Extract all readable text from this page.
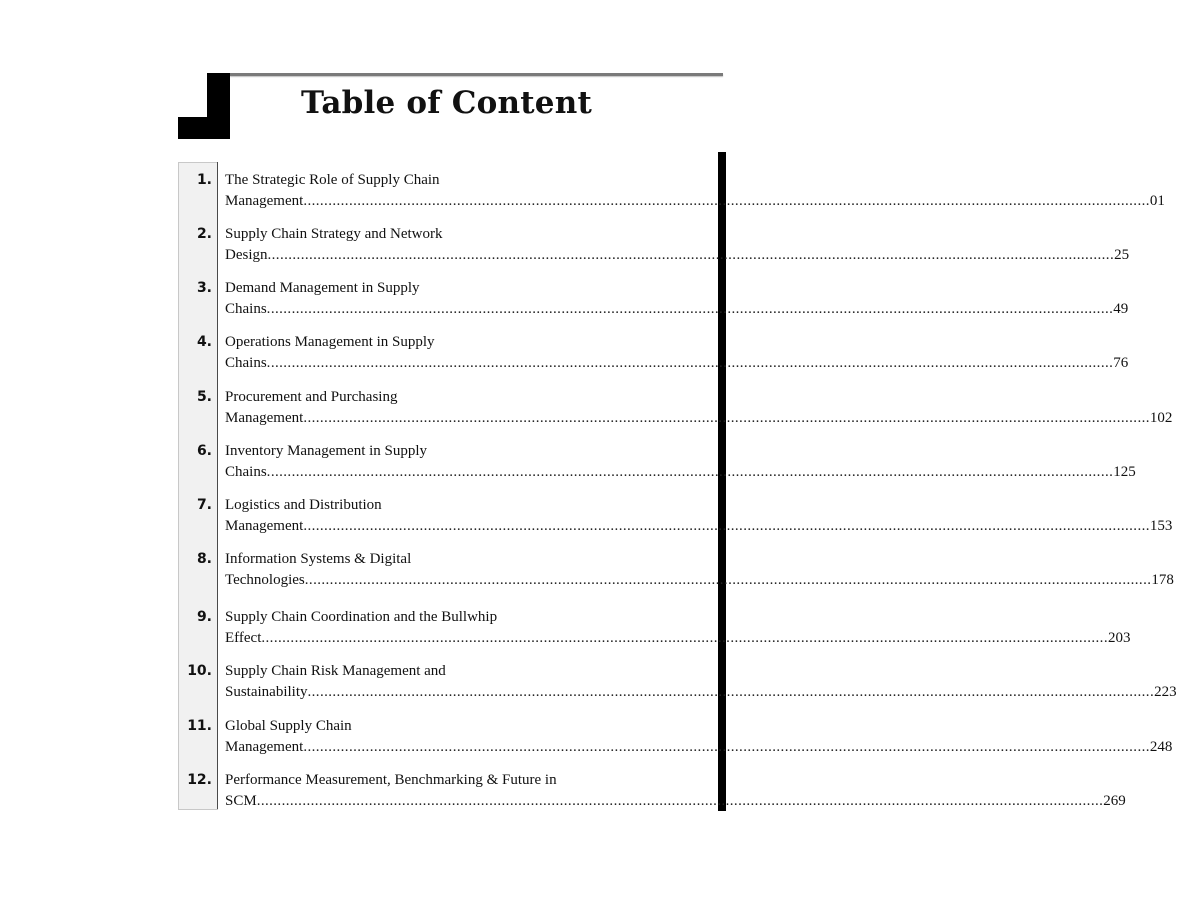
Table of Content
1. The Strategic Role of Supply Chain
Management ............................................................................................................................................................................................................ 01
2. Supply Chain Strategy and Network
Design ............................................................................................................................................................................................................ 25
3. Demand Management in Supply
Chains ............................................................................................................................................................................................................ 49
4. Operations Management in Supply
Chains ............................................................................................................................................................................................................ 76
5. Procurement and Purchasing
Management ............................................................................................................................................................................................................ 102
6. Inventory Management in Supply
Chains ............................................................................................................................................................................................................ 125
7. Logistics and Distribution
Management ............................................................................................................................................................................................................ 153
8. Information Systems & Digital
Technologies ............................................................................................................................................................................................................ 178
9. Supply Chain Coordination and the Bullwhip
Effect ............................................................................................................................................................................................................ 203
10. Supply Chain Risk Management and
Sustainability ............................................................................................................................................................................................................ 223
11. Global Supply Chain
Management ............................................................................................................................................................................................................ 248
12. Performance Measurement, Benchmarking & Future in
SCM ............................................................................................................................................................................................................ 269
